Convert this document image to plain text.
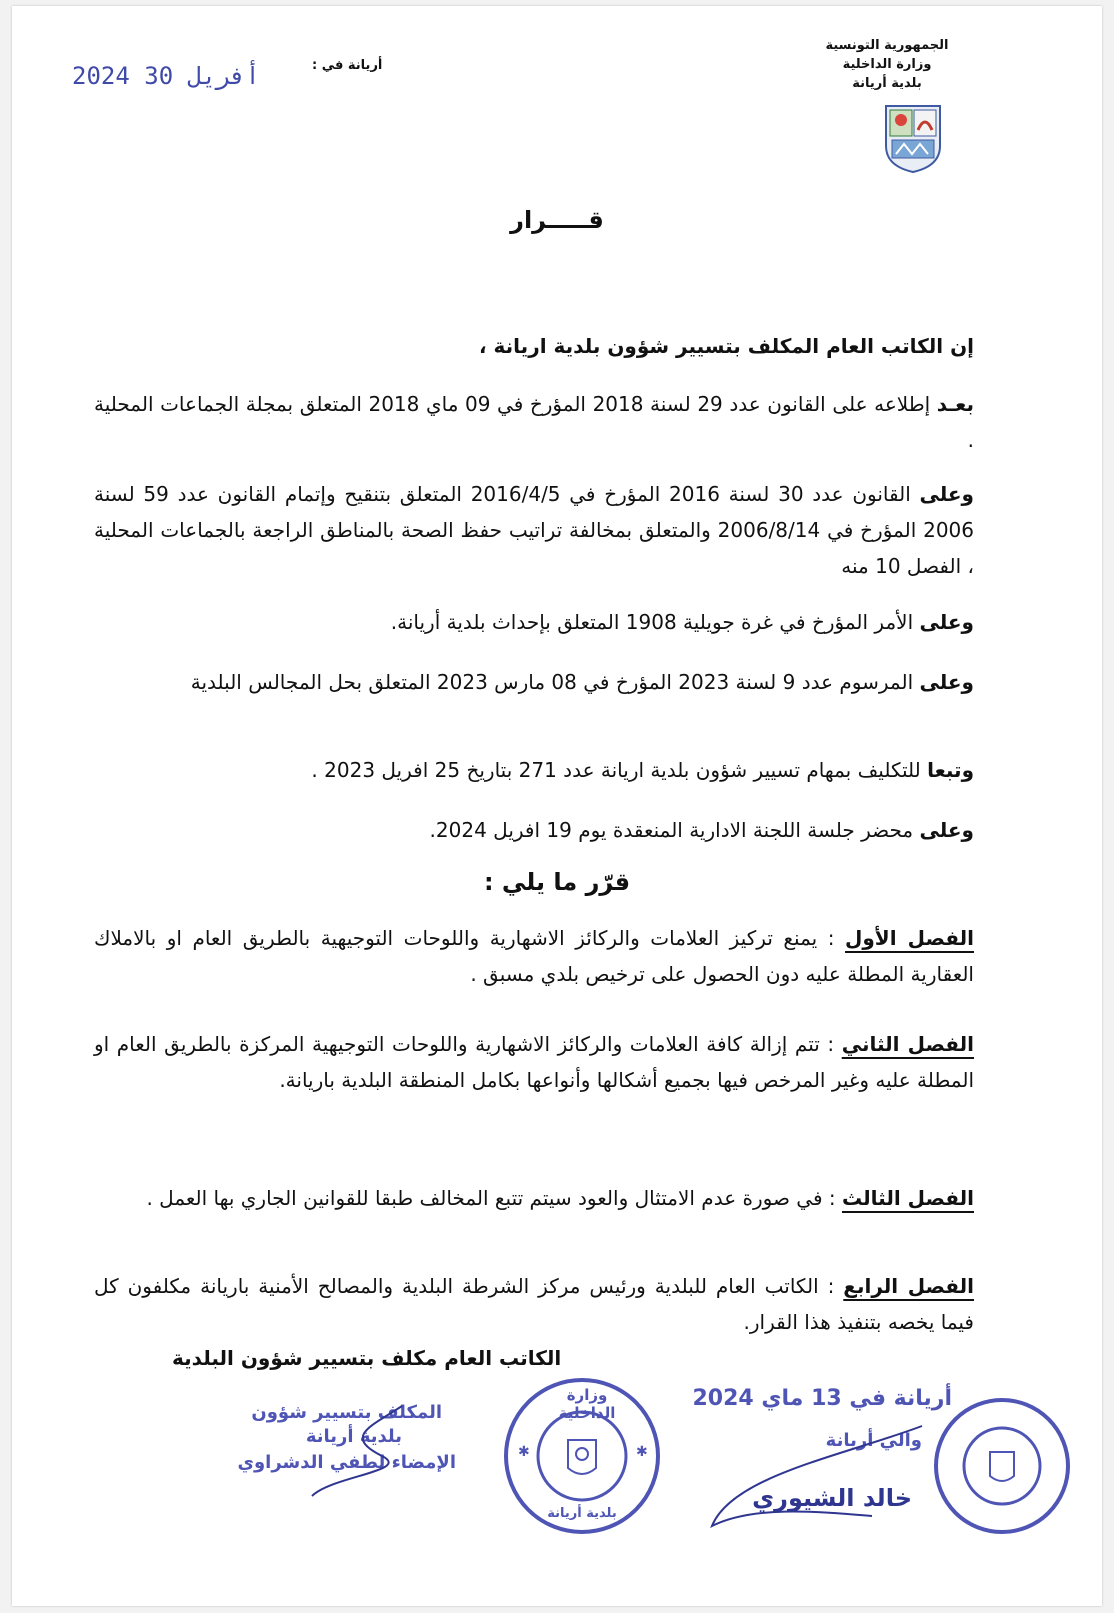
الجمهورية التونسية
وزارة الداخلية
بلدية أريانة
أريانة في :
2024 أفريل 30
قـــــرار
إن الكاتب العام المكلف بتسيير شؤون بلدية اريانة ،
بعـد إطلاعه على القانون عدد 29 لسنة 2018 المؤرخ في 09 ماي 2018 المتعلق بمجلة الجماعات المحلية .
وعلى القانون عدد 30 لسنة 2016 المؤرخ في 2016/4/5 المتعلق بتنقيح وإتمام القانون عدد 59 لسنة 2006 المؤرخ في 2006/8/14 والمتعلق بمخالفة تراتيب حفظ الصحة بالمناطق الراجعة بالجماعات المحلية ، الفصل 10 منه
وعلى الأمر المؤرخ في غرة جويلية 1908 المتعلق بإحداث بلدية أريانة.
وعلى المرسوم عدد 9 لسنة 2023 المؤرخ في 08 مارس 2023 المتعلق بحل المجالس البلدية
وتبعا للتكليف بمهام تسيير شؤون بلدية اريانة عدد 271 بتاريخ 25 افريل 2023 .
وعلى محضر جلسة اللجنة الادارية المنعقدة يوم 19 افريل 2024.
قرّر ما يلي :
الفصل الأول : يمنع تركيز العلامات والركائز الاشهارية واللوحات التوجيهية بالطريق العام او بالاملاك العقارية المطلة عليه دون الحصول على ترخيص بلدي مسبق .
الفصل الثاني : تتم إزالة كافة العلامات والركائز الاشهارية واللوحات التوجيهية المركزة بالطريق العام او المطلة عليه وغير المرخص فيها بجميع أشكالها وأنواعها بكامل المنطقة البلدية باريانة.
الفصل الثالث : في صورة عدم الامتثال والعود سيتم تتبع المخالف طبقا للقوانين الجاري بها العمل .
الفصل الرابع : الكاتب العام للبلدية ورئيس مركز الشرطة البلدية والمصالح الأمنية باريانة مكلفون كل فيما يخصه بتنفيذ هذا القرار.
الكاتب العام مكلف بتسيير شؤون البلدية
المكلف بتسيير شؤون
بلدية أريانة
الإمضاء لطفي الدشراوي	✱	✱
وزارة الداخلية
بلدية أريانة
أريانة في 13 ماي 2024
والي أريانة
خالد الشيوري
